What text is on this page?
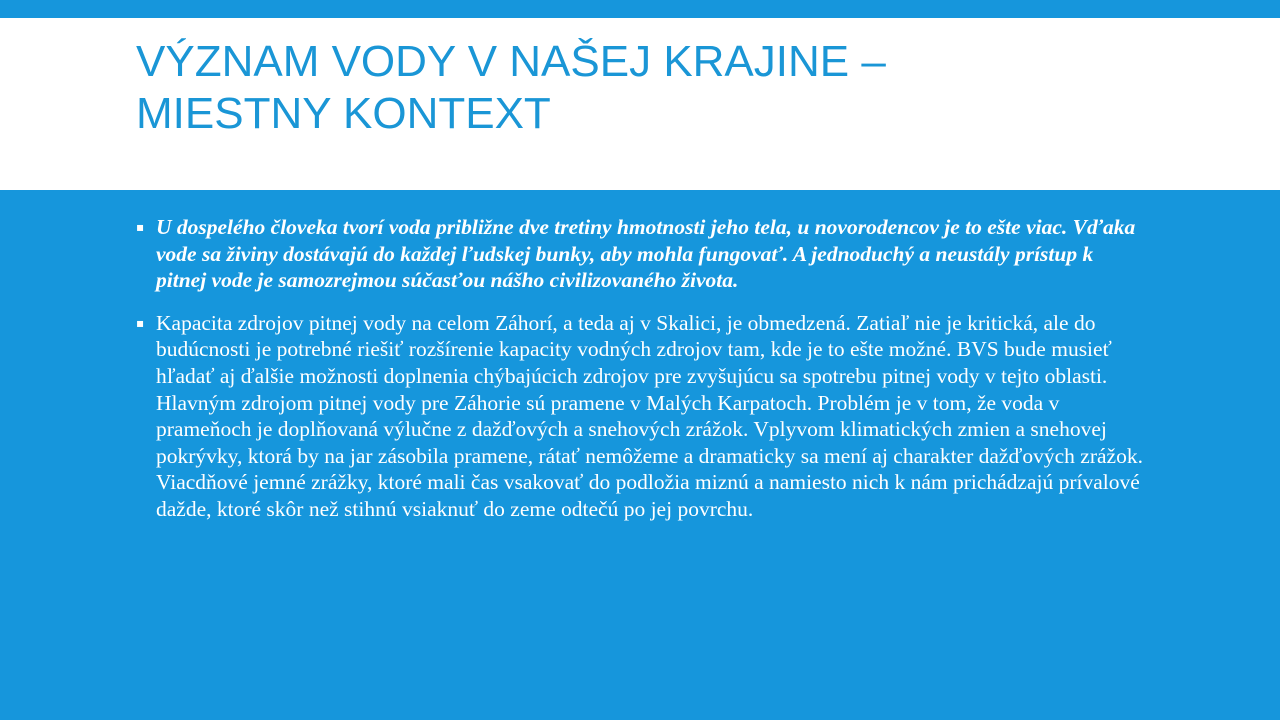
VÝZNAM VODY V NAŠEJ KRAJINE –
MIESTNY KONTEXT

▪ U dospelého človeka tvorí voda približne dve tretiny hmotnosti jeho tela, u novorodencov je to ešte viac. Vďaka vode sa živiny dostávajú do každej ľudskej bunky, aby mohla fungovať. A jednoduchý a neustály prístup k pitnej vode je samozrejmou súčasťou nášho civilizovaného života.

▪ Kapacita zdrojov pitnej vody na celom Záhorí, a teda aj v Skalici, je obmedzená. Zatiaľ nie je kritická, ale do budúcnosti je potrebné riešiť rozšírenie kapacity vodných zdrojov tam, kde je to ešte možné. BVS bude musieť hľadať aj ďalšie možnosti doplnenia chýbajúcich zdrojov pre zvyšujúcu sa spotrebu pitnej vody v tejto oblasti. Hlavným zdrojom pitnej vody pre Záhorie sú pramene v Malých Karpatoch. Problém je v tom, že voda v prameňoch je doplňovaná výlučne z dažďových a snehových zrážok. Vplyvom klimatických zmien a snehovej pokrývky, ktorá by na jar zásobila pramene, rátať nemôžeme a dramaticky sa mení aj charakter dažďových zrážok. Viacdňové jemné zrážky, ktoré mali čas vsakovať do podložia miznú a namiesto nich k nám prichádzajú prívalové dažde, ktoré skôr než stihnú vsiaknuť do zeme odtečú po jej povrchu.
